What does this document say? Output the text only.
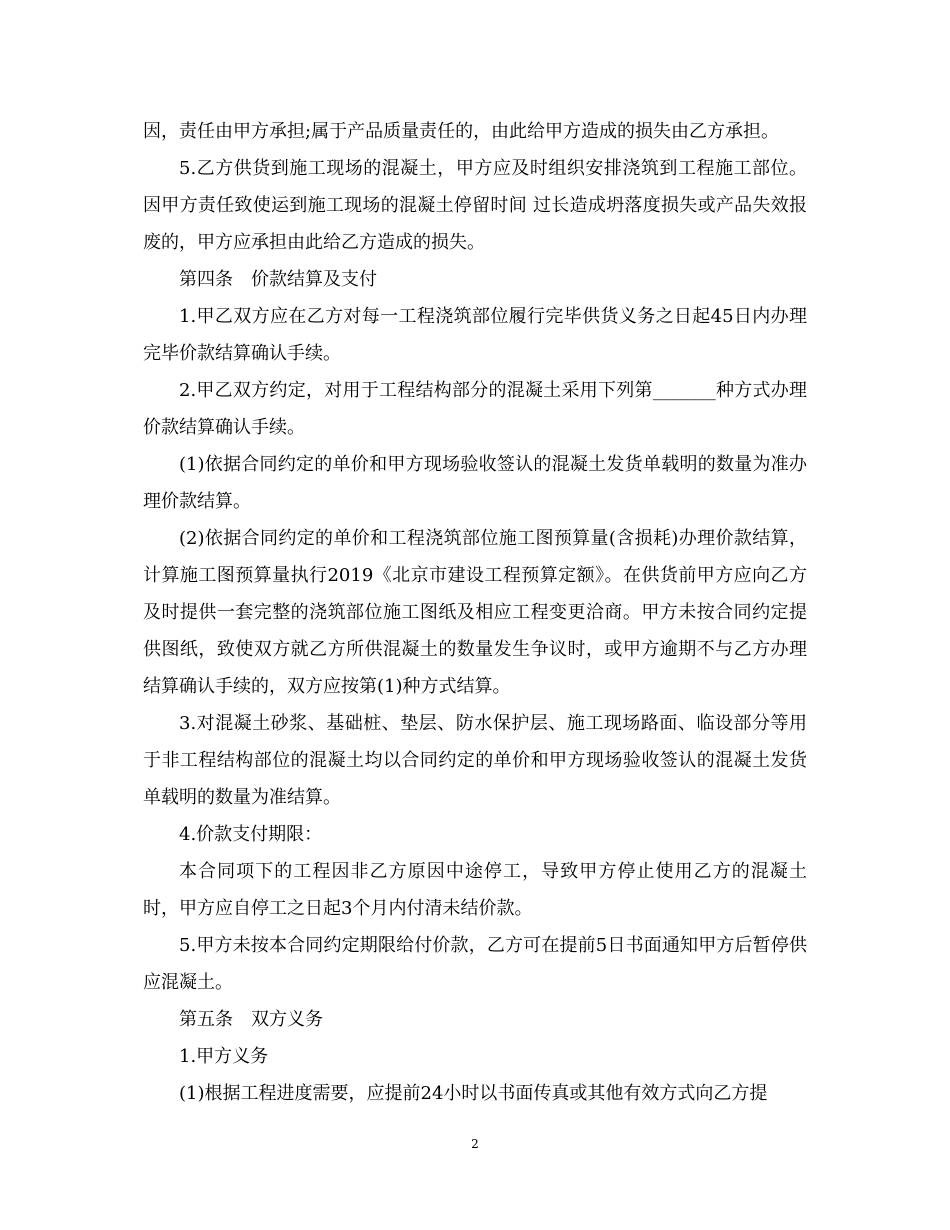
因，责任由甲方承担;属于产品质量责任的，由此给甲方造成的损失由乙方承担。

5.乙方供货到施工现场的混凝土，甲方应及时组织安排浇筑到工程施工部位。因甲方责任致使运到施工现场的混凝土停留时间 过长造成坍落度损失或产品失效报废的，甲方应承担由此给乙方造成的损失。

第四条　价款结算及支付

1.甲乙双方应在乙方对每一工程浇筑部位履行完毕供货义务之日起45日内办理完毕价款结算确认手续。

2.甲乙双方约定，对用于工程结构部分的混凝土采用下列第_______种方式办理价款结算确认手续。

(1)依据合同约定的单价和甲方现场验收签认的混凝土发货单载明的数量为准办理价款结算。

(2)依据合同约定的单价和工程浇筑部位施工图预算量(含损耗)办理价款结算，计算施工图预算量执行2019《北京市建设工程预算定额》。在供货前甲方应向乙方及时提供一套完整的浇筑部位施工图纸及相应工程变更洽商。甲方未按合同约定提供图纸，致使双方就乙方所供混凝土的数量发生争议时，或甲方逾期不与乙方办理结算确认手续的，双方应按第(1)种方式结算。

3.对混凝土砂浆、基础桩、垫层、防水保护层、施工现场路面、临设部分等用于非工程结构部位的混凝土均以合同约定的单价和甲方现场验收签认的混凝土发货单载明的数量为准结算。

4.价款支付期限：

本合同项下的工程因非乙方原因中途停工，导致甲方停止使用乙方的混凝土时，甲方应自停工之日起3个月内付清未结价款。

5.甲方未按本合同约定期限给付价款，乙方可在提前5日书面通知甲方后暂停供应混凝土。

第五条　双方义务

1.甲方义务

(1)根据工程进度需要，应提前24小时以书面传真或其他有效方式向乙方提

2
